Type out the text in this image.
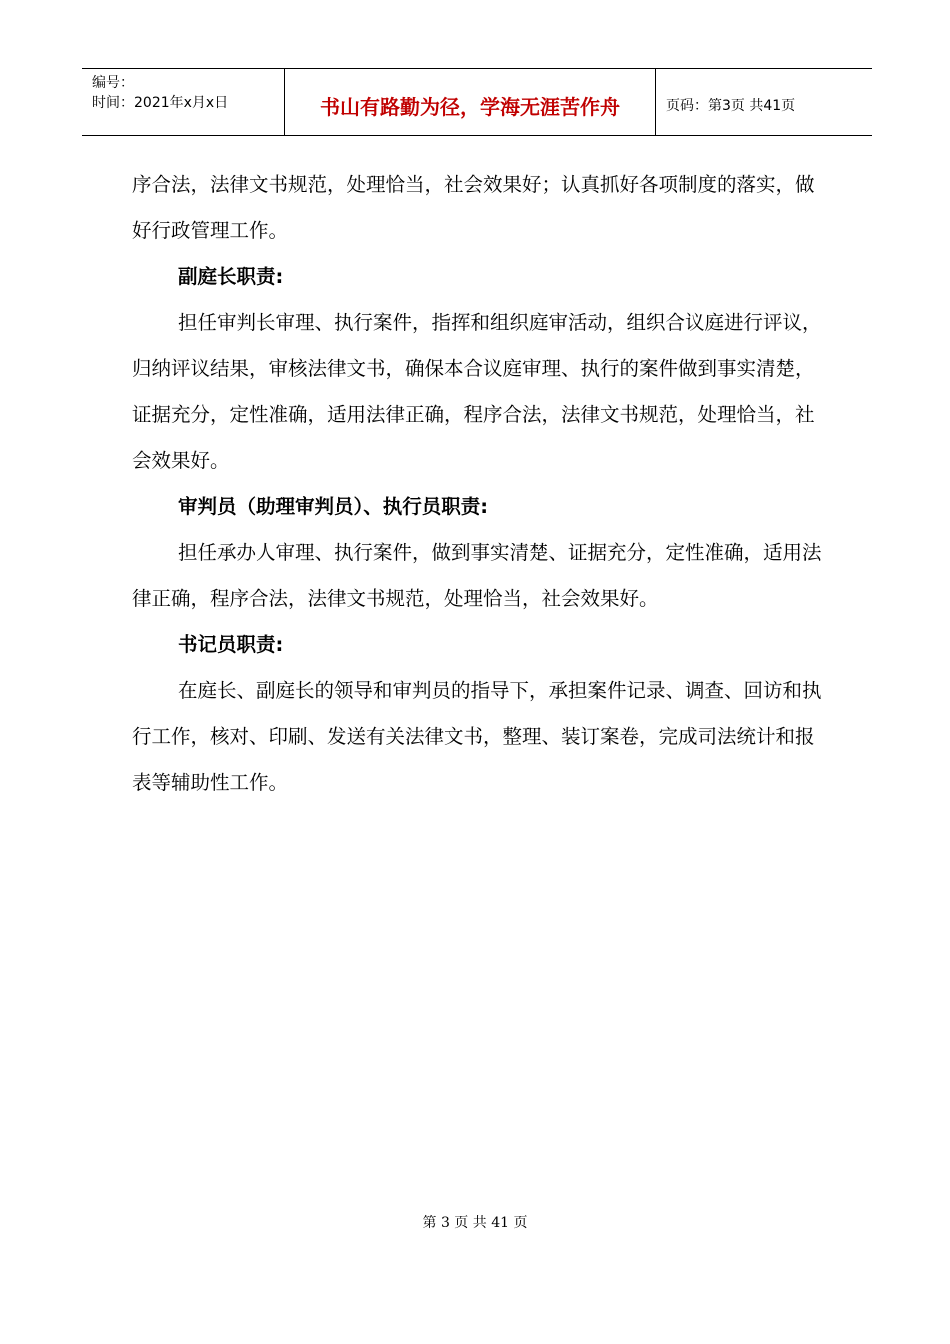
编号：
时间：2021年x月x日	书山有路勤为径，学海无涯苦作舟	页码：第3页 共41页

序合法，法律文书规范，处理恰当，社会效果好；认真抓好各项制度的落实，做好行政管理工作。

副庭长职责:

担任审判长审理、执行案件，指挥和组织庭审活动，组织合议庭进行评议，归纳评议结果，审核法律文书，确保本合议庭审理、执行的案件做到事实清楚，证据充分，定性准确，适用法律正确，程序合法，法律文书规范，处理恰当，社会效果好。

审判员（助理审判员）、执行员职责:

担任承办人审理、执行案件，做到事实清楚、证据充分，定性准确，适用法律正确，程序合法，法律文书规范，处理恰当，社会效果好。

书记员职责:

在庭长、副庭长的领导和审判员的指导下，承担案件记录、调查、回访和执行工作，核对、印刷、发送有关法律文书，整理、装订案卷，完成司法统计和报表等辅助性工作。

第 3 页 共 41 页
